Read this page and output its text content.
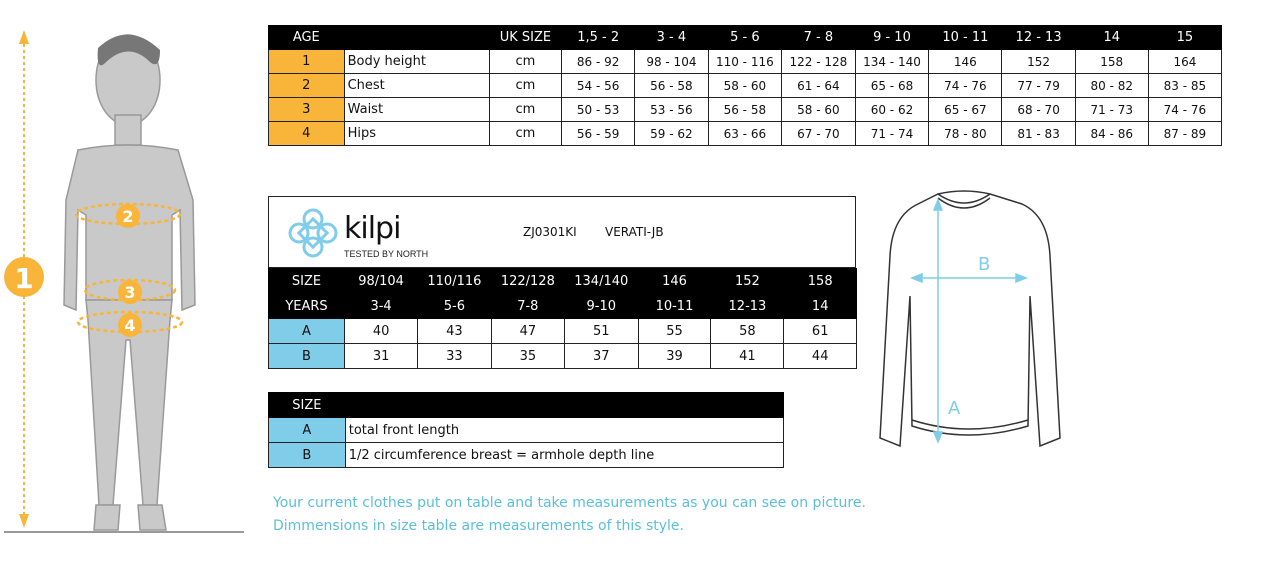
1
2
3
4
AGE		UK SIZE	1,5 - 2	3 - 4	5 - 6	7 - 8	9 - 10	10 - 11	12 - 13	14	15
1	Body height	cm	86 - 92	98 - 104	110 - 116	122 - 128	134 - 140	146	152	158	164
2	Chest	cm	54 - 56	56 - 58	58 - 60	61 - 64	65 - 68	74 - 76	77 - 79	80 - 82	83 - 85
3	Waist	cm	50 - 53	53 - 56	56 - 58	58 - 60	60 - 62	65 - 67	68 - 70	71 - 73	74 - 76
4	Hips	cm	56 - 59	59 - 62	63 - 66	67 - 70	71 - 74	78 - 80	81 - 83	84 - 86	87 - 89
kilpi
TESTED BY NORTH
ZJ0301KI VERATI-JB
SIZE	98/104	110/116	122/128	134/140	146	152	158
YEARS	3-4	5-6	7-8	9-10	10-11	12-13	14
A	40	43	47	51	55	58	61
B	31	33	35	37	39	41	44
SIZE	
A	total front length
B	1/2 circumference breast = armhole depth line
B
A
Your current clothes put on table and take measurements as you can see on picture.
Dimmensions in size table are measurements of this style.
